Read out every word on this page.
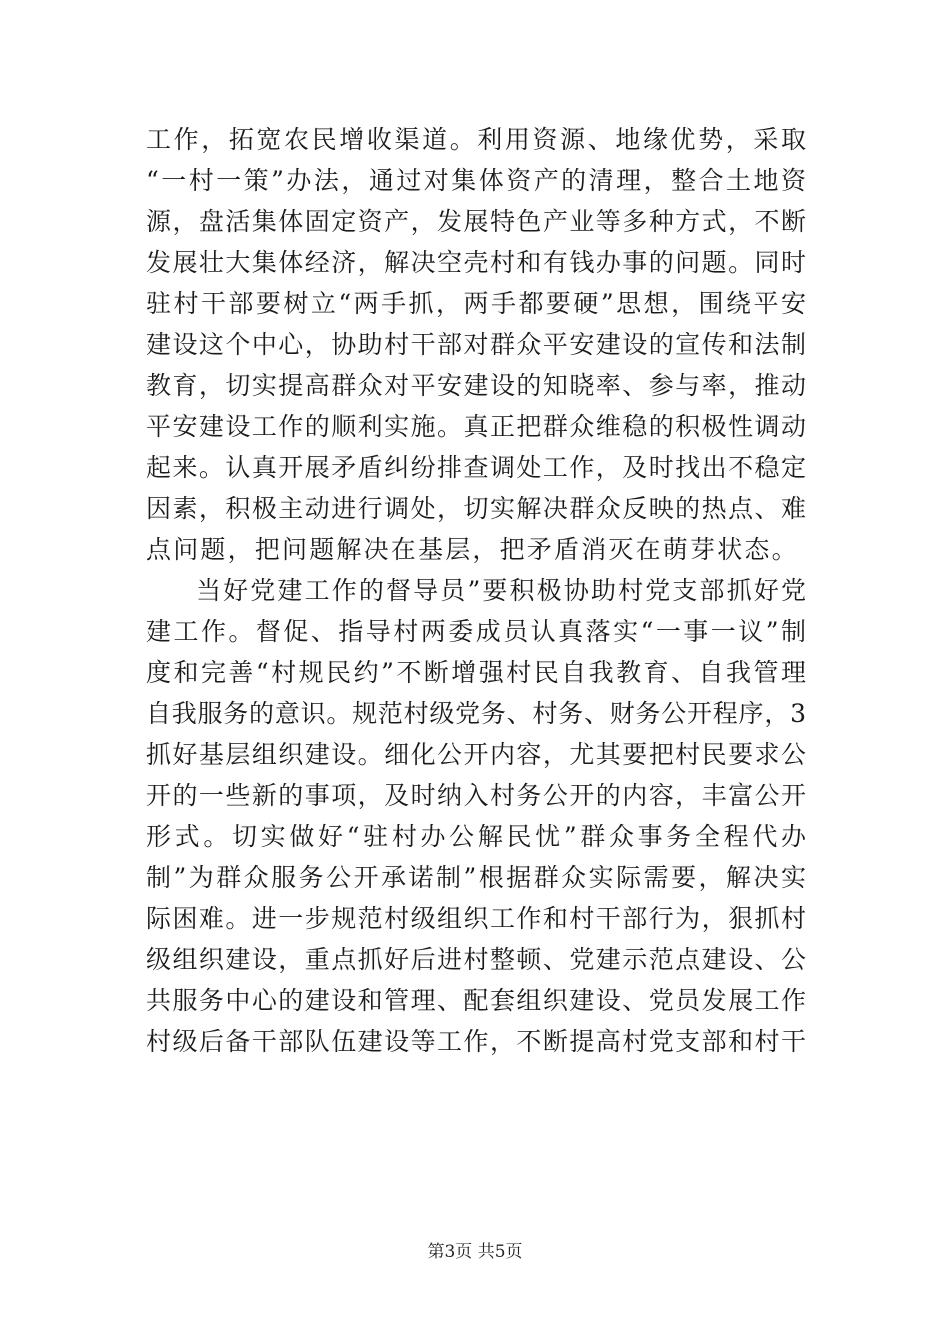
工作，拓宽农民增收渠道。利用资源、地缘优势，采取
“一村一策”办法，通过对集体资产的清理，整合土地资
源，盘活集体固定资产，发展特色产业等多种方式，不断
发展壮大集体经济，解决空壳村和有钱办事的问题。同时
驻村干部要树立“两手抓，两手都要硬”思想，围绕平安
建设这个中心，协助村干部对群众平安建设的宣传和法制
教育，切实提高群众对平安建设的知晓率、参与率，推动
平安建设工作的顺利实施。真正把群众维稳的积极性调动
起来。认真开展矛盾纠纷排查调处工作，及时找出不稳定
因素，积极主动进行调处，切实解决群众反映的热点、难
点问题，把问题解决在基层，把矛盾消灭在萌芽状态。
当好党建工作的督导员”要积极协助村党支部抓好党
建工作。督促、指导村两委成员认真落实“一事一议”制
度和完善“村规民约”不断增强村民自我教育、自我管理
自我服务的意识。规范村级党务、村务、财务公开程序，3
抓好基层组织建设。细化公开内容，尤其要把村民要求公
开的一些新的事项，及时纳入村务公开的内容，丰富公开
形式。切实做好“驻村办公解民忧”群众事务全程代办
制”为群众服务公开承诺制”根据群众实际需要，解决实
际困难。进一步规范村级组织工作和村干部行为，狠抓村
级组织建设，重点抓好后进村整顿、党建示范点建设、公
共服务中心的建设和管理、配套组织建设、党员发展工作
村级后备干部队伍建设等工作，不断提高村党支部和村干
第3页 共5页
